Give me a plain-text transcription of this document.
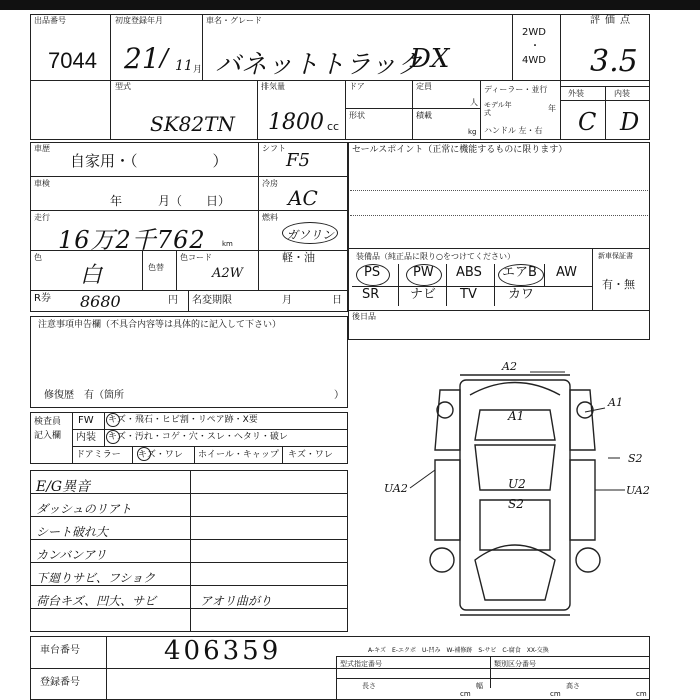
出品番号
7044
初度登録年月
21 / 11 月
車名・グレード
バネットトラック
DX
2WD
・
4WD
評価点
3.5
型式
SK82TN
排気量
1800 cc
ドア	定員
人
形状	積載
kg
ディーラー・並行
モデル年式	年
ハンドル 左・右
外装	内装
C D
車歴
自家用・（　　　　　）
シフト
F5
車検
年　　　月（　　日）
冷房
AC
走行
16万2千762 km
燃料
ガソリン
軽・油
色
白	色替
色コード
A2W
R券 8680	円 名変期限	月　　　　日
セールスポイント（正常に機能するものに限ります）
装備品（純正品に限り○をつけてください）	新車保証書
有・無
後日品
PS	PW ABS エアB AW
SR ナビ TV カワ
注意事項申告欄（不具合内容等は具体的に記入して下さい）
修復歴　有（箇所	）
検査員
記入欄
FW キズ・飛石・ヒビ割・リペア跡・X要
内装 キズ・汚れ・コゲ・穴・スレ・ヘタリ・破レ
ドアミラー キズ・ワレ ホイール・キャップ キズ・ワレ
E/G異音
ダッシュのリアト
シート破れ大
カンバンアリ
下廻りサビ、フショク
荷台キズ、凹大、サビ	アオリ曲がり
A2
A1
A1
S2
U2
UA2
S2
UA2
A-キズ　E-エクボ　U-凹み　W-補修跡　S-サビ　C-腐食　XX-交換
車台番号	406359
登録番号
型式指定番号	類別区分番号
長さ
cm
幅
cm
高さ
cm
